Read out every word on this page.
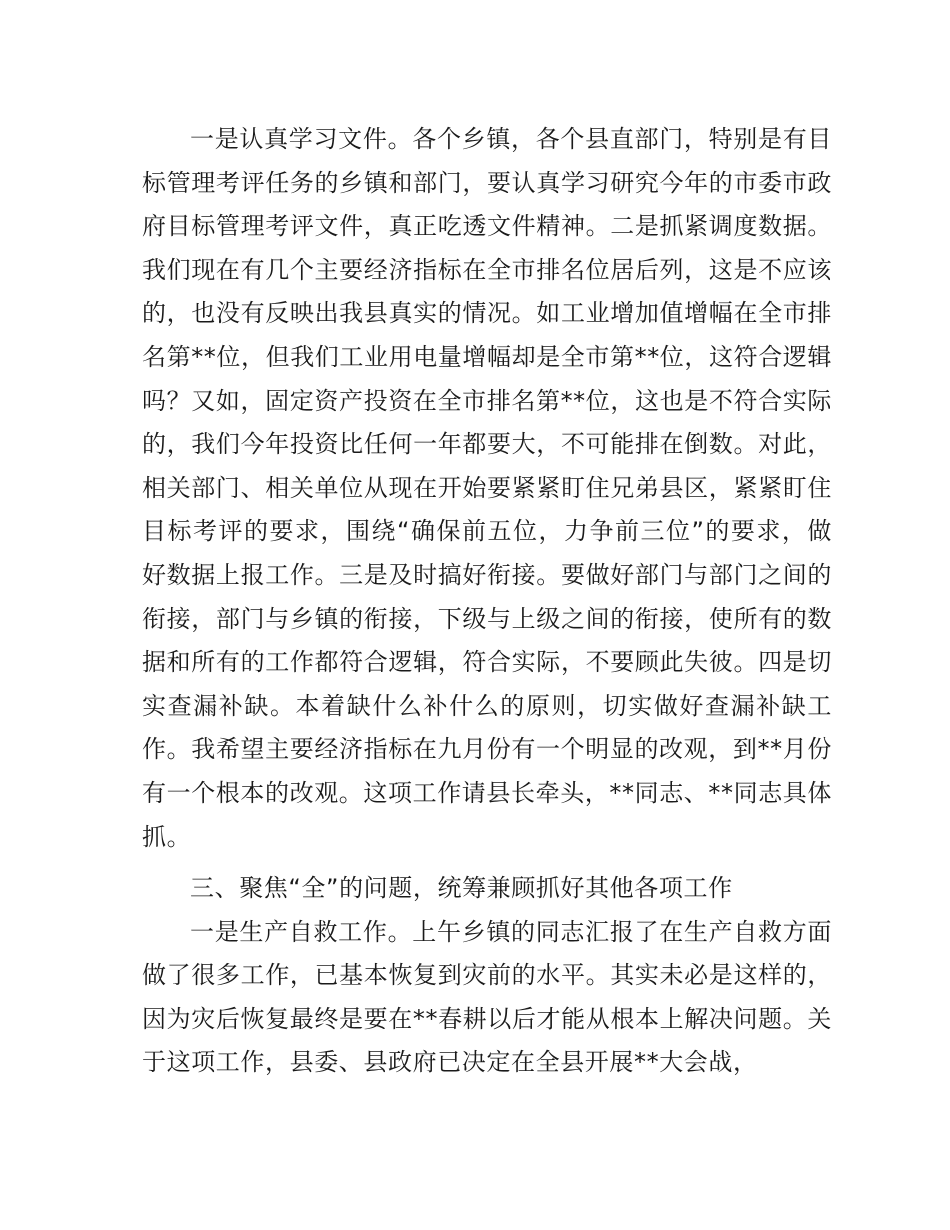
一是认真学习文件。各个乡镇，各个县直部门，特别是有目标管理考评任务的乡镇和部门，要认真学习研究今年的市委市政府目标管理考评文件，真正吃透文件精神。二是抓紧调度数据。我们现在有几个主要经济指标在全市排名位居后列，这是不应该的，也没有反映出我县真实的情况。如工业增加值增幅在全市排名第**位，但我们工业用电量增幅却是全市第**位，这符合逻辑吗？又如，固定资产投资在全市排名第**位，这也是不符合实际的，我们今年投资比任何一年都要大，不可能排在倒数。对此，相关部门、相关单位从现在开始要紧紧盯住兄弟县区，紧紧盯住目标考评的要求，围绕“确保前五位，力争前三位”的要求，做好数据上报工作。三是及时搞好衔接。要做好部门与部门之间的衔接，部门与乡镇的衔接，下级与上级之间的衔接，使所有的数据和所有的工作都符合逻辑，符合实际，不要顾此失彼。四是切实查漏补缺。本着缺什么补什么的原则，切实做好查漏补缺工作。我希望主要经济指标在九月份有一个明显的改观，到**月份有一个根本的改观。这项工作请县长牵头，**同志、**同志具体抓。

三、聚焦“全”的问题，统筹兼顾抓好其他各项工作

一是生产自救工作。上午乡镇的同志汇报了在生产自救方面做了很多工作，已基本恢复到灾前的水平。其实未必是这样的，因为灾后恢复最终是要在**春耕以后才能从根本上解决问题。关于这项工作，县委、县政府已决定在全县开展**大会战，
